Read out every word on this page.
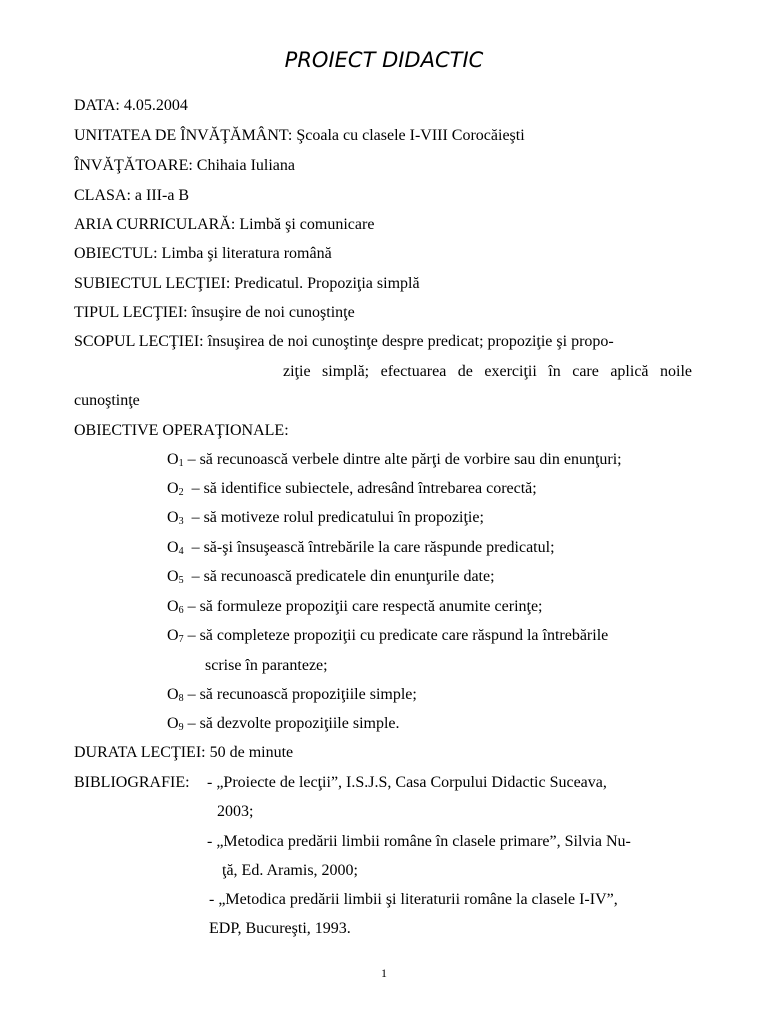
PROIECT DIDACTIC
DATA: 4.05.2004
UNITATEA DE ÎNVĂŢĂMÂNT: Şcoala cu clasele I-VIII Corocăieşti
ÎNVĂŢĂTOARE: Chihaia Iuliana
CLASA: a III-a B
ARIA CURRICULARĂ: Limbă şi comunicare
OBIECTUL: Limba şi literatura română
SUBIECTUL LECŢIEI: Predicatul. Propoziţia simplă
TIPUL LECŢIEI: însuşire de noi cunoştinţe
SCOPUL LECŢIEI: însuşirea de noi cunoştinţe despre predicat; propoziţie şi propo-
ziţie simplă; efectuarea de exerciţii în care aplică noile
cunoştinţe
OBIECTIVE OPERAŢIONALE:
$O_1$ – să recunoască verbele dintre alte părţi de vorbire sau din enunţuri;
$O_2$  – să identifice subiectele, adresând întrebarea corectă;
$O_3$  – să motiveze rolul predicatului în propoziţie;
$O_4$  – să-şi însuşească întrebările la care răspunde predicatul;
$O_5$  – să recunoască predicatele din enunţurile date;
$O_6$ – să formuleze propoziţii care respectă anumite cerinţe;
$O_7$ – să completeze propoziţii cu predicate care răspund la întrebările
scrise în paranteze;
$O_8$ – să recunoască propoziţiile simple;
$O_9$ – să dezvolte propoziţiile simple.
DURATA LECŢIEI: 50 de minute
BIBLIOGRAFIE: - „Proiecte de lecţii”, I.S.J.S, Casa Corpului Didactic Suceava,
2003;
- „Metodica predării limbii române în clasele primare”, Silvia Nu-
ţă, Ed. Aramis, 2000;
- „Metodica predării limbii şi literaturii române la clasele I-IV”,
EDP, Bucureşti, 1993.
1
